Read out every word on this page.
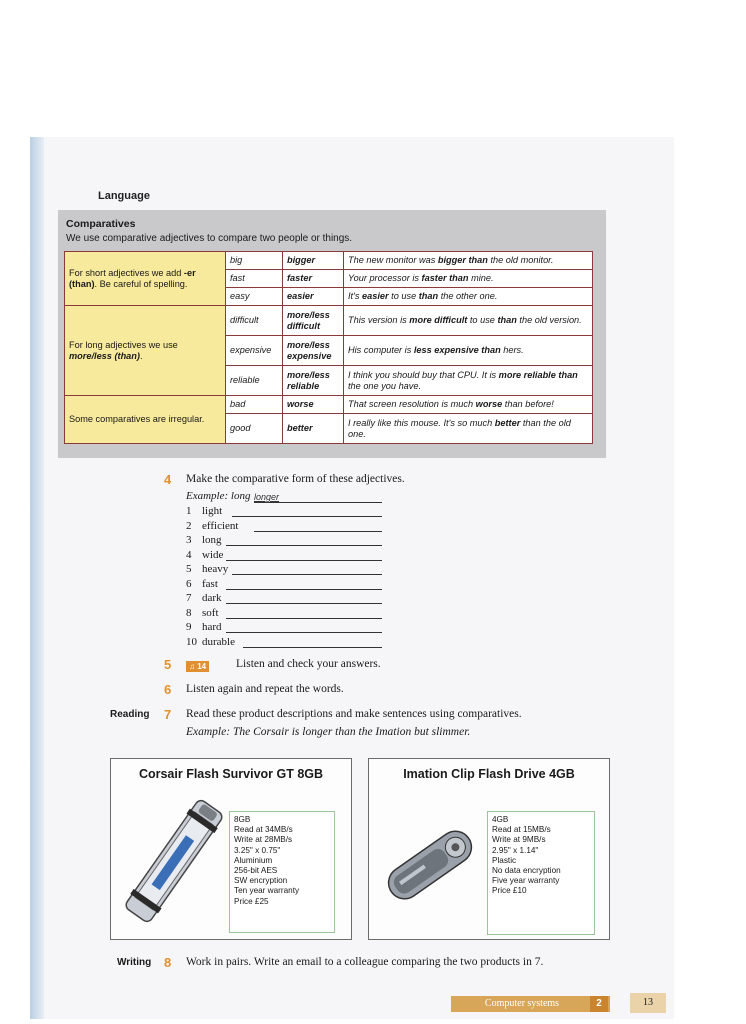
Language
Comparatives
We use comparative adjectives to compare two people or things.
For short adjectives we add -er (than). Be careful of spelling.	big	bigger	The new monitor was bigger than the old monitor.
	fast	faster	Your processor is faster than mine.
	easy	easier	It's easier to use than the other one.
For long adjectives we use more/less (than).	difficult	more/less difficult	This version is more difficult to use than the old version.
	expensive	more/less expensive	His computer is less expensive than hers.
	reliable	more/less reliable	I think you should buy that CPU. It is more reliable than the one you have.
Some comparatives are irregular.	bad	worse	That screen resolution is much worse than before!
	good	better	I really like this mouse. It's so much better than the old one.
4 Make the comparative form of these adjectives.
Example: long longer
1 light
2 efficient
3 long
4 wide
5 heavy
6 fast
7 dark
8 soft
9 hard
10 durable
5	♫ 14	Listen and check your answers.
6 Listen again and repeat the words.
Reading 7 Read these product descriptions and make sentences using comparatives.
Example: The Corsair is longer than the Imation but slimmer.
Corsair Flash Survivor GT 8GB
8GB
Read at 34MB/s
Write at 28MB/s
3.25" x 0.75"
Aluminium
256-bit AES
SW encryption
Ten year warranty
Price £25
Imation Clip Flash Drive 4GB
4GB
Read at 15MB/s
Write at 9MB/s
2.95" x 1.14"
Plastic
No data encryption
Five year warranty
Price £10
Writing 8 Work in pairs. Write an email to a colleague comparing the two products in 7.
Computer systems	2	13
